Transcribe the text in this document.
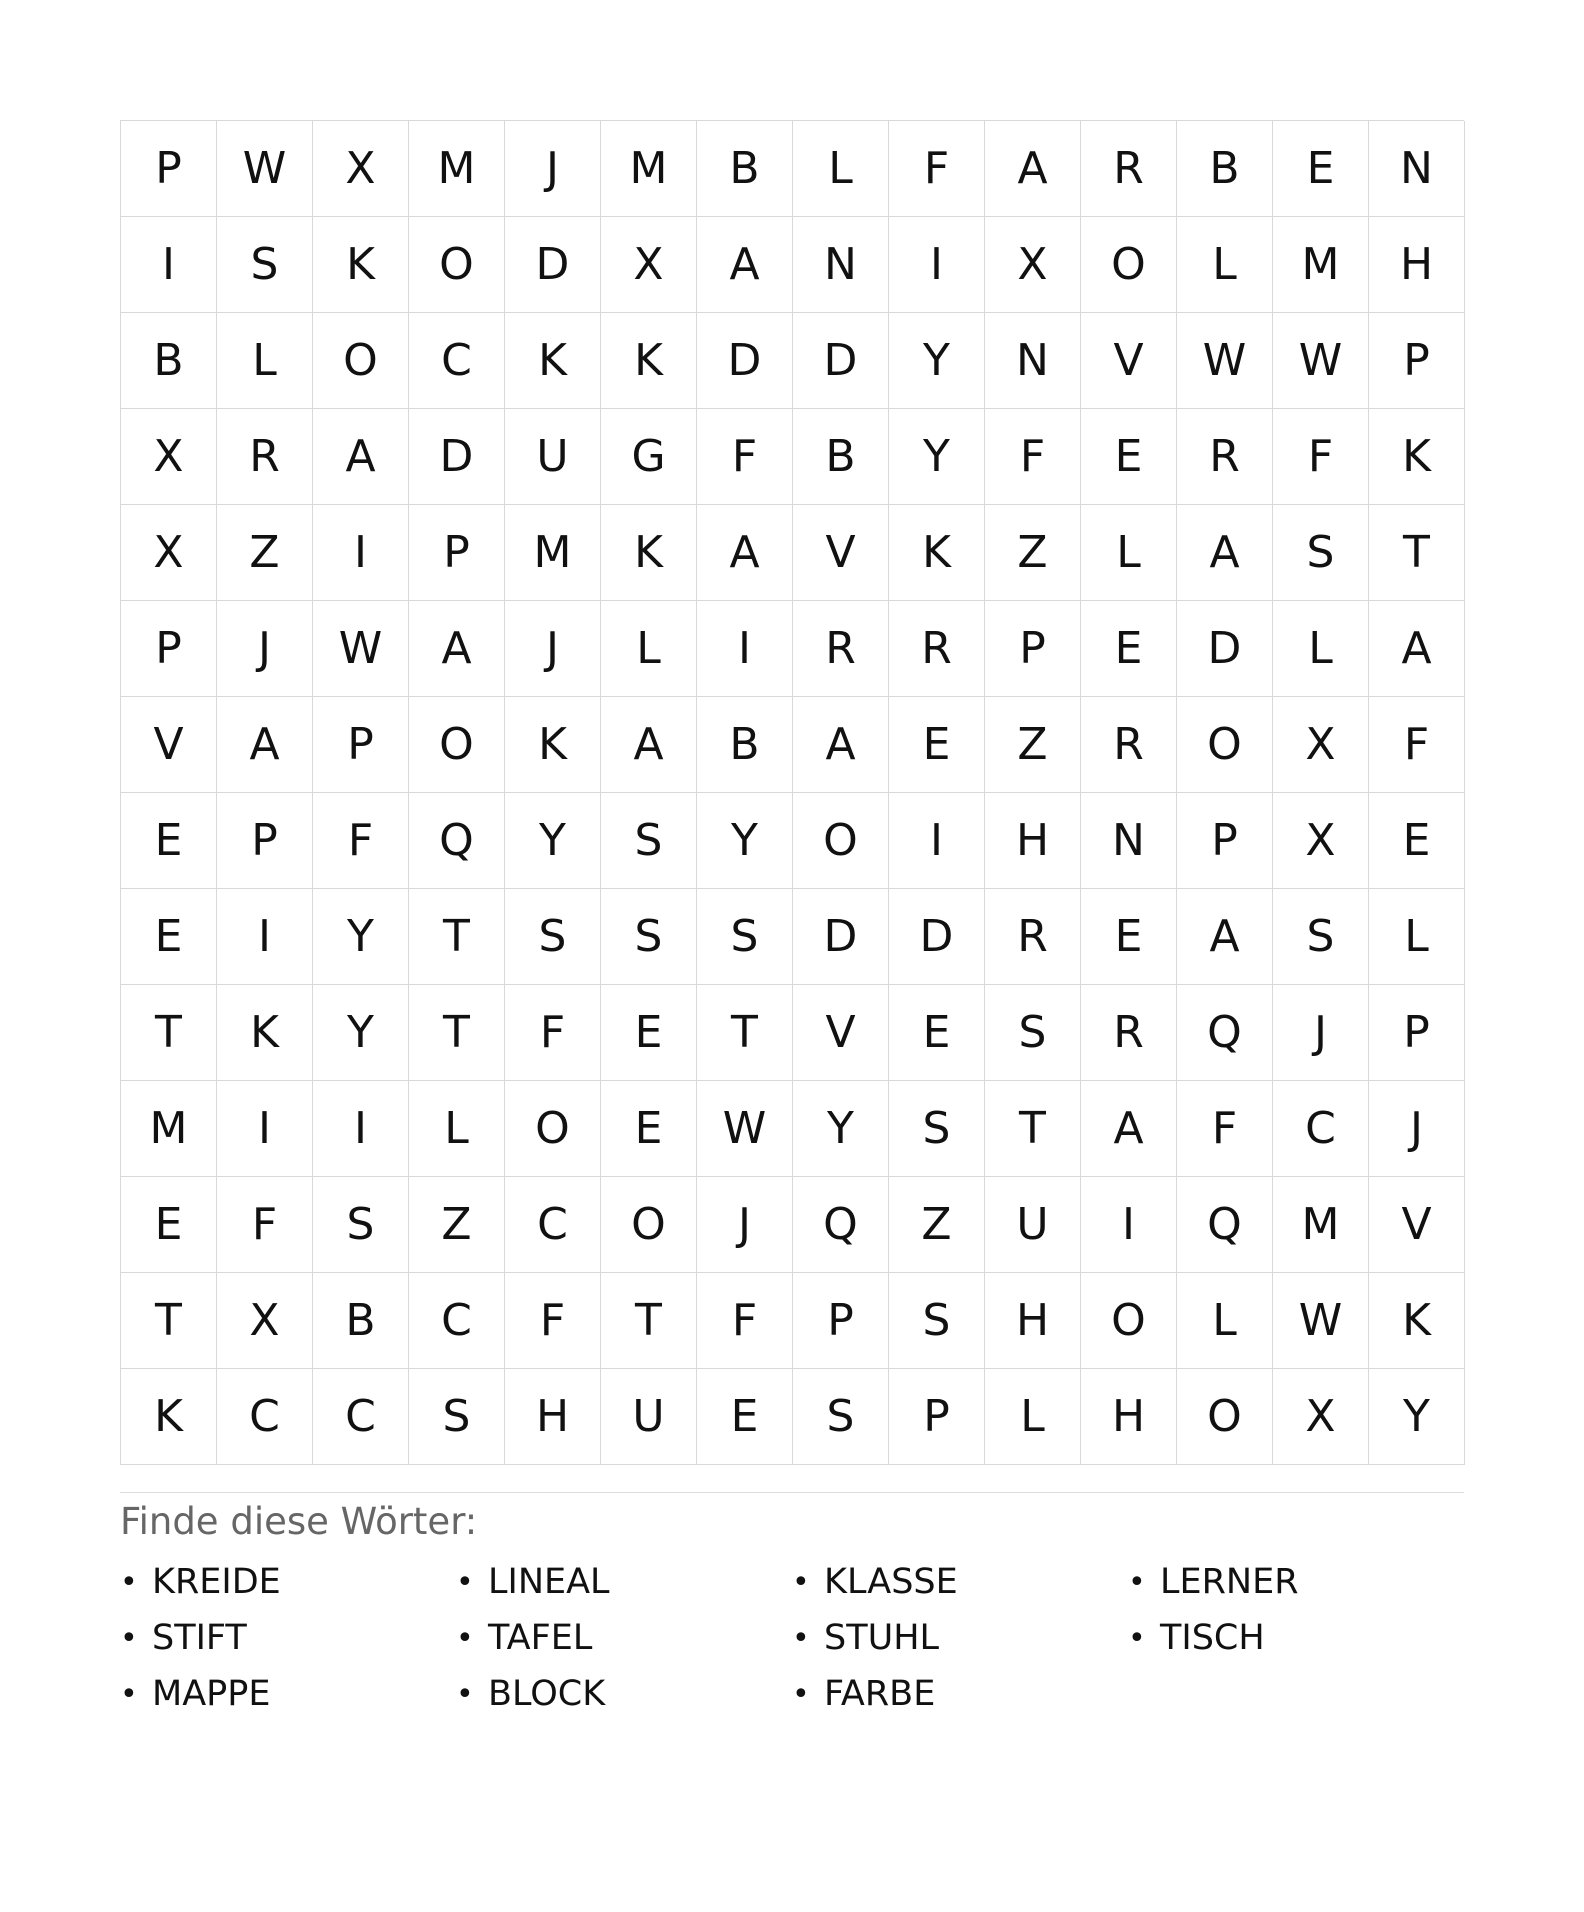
P	W	X	M	J	M	B	L	F	A	R	B	E	N
I	S	K	O	D	X	A	N	I	X	O	L	M	H
B	L	O	C	K	K	D	D	Y	N	V	W	W	P
X	R	A	D	U	G	F	B	Y	F	E	R	F	K
X	Z	I	P	M	K	A	V	K	Z	L	A	S	T
P	J	W	A	J	L	I	R	R	P	E	D	L	A
V	A	P	O	K	A	B	A	E	Z	R	O	X	F
E	P	F	Q	Y	S	Y	O	I	H	N	P	X	E
E	I	Y	T	S	S	S	D	D	R	E	A	S	L
T	K	Y	T	F	E	T	V	E	S	R	Q	J	P
M	I	I	L	O	E	W	Y	S	T	A	F	C	J
E	F	S	Z	C	O	J	Q	Z	U	I	Q	M	V
T	X	B	C	F	T	F	P	S	H	O	L	W	K
K	C	C	S	H	U	E	S	P	L	H	O	X	Y
Finde diese Wörter:
• KREIDE	• LINEAL	• KLASSE	• LERNER
• STIFT	• TAFEL	• STUHL	• TISCH
• MAPPE	• BLOCK	• FARBE
